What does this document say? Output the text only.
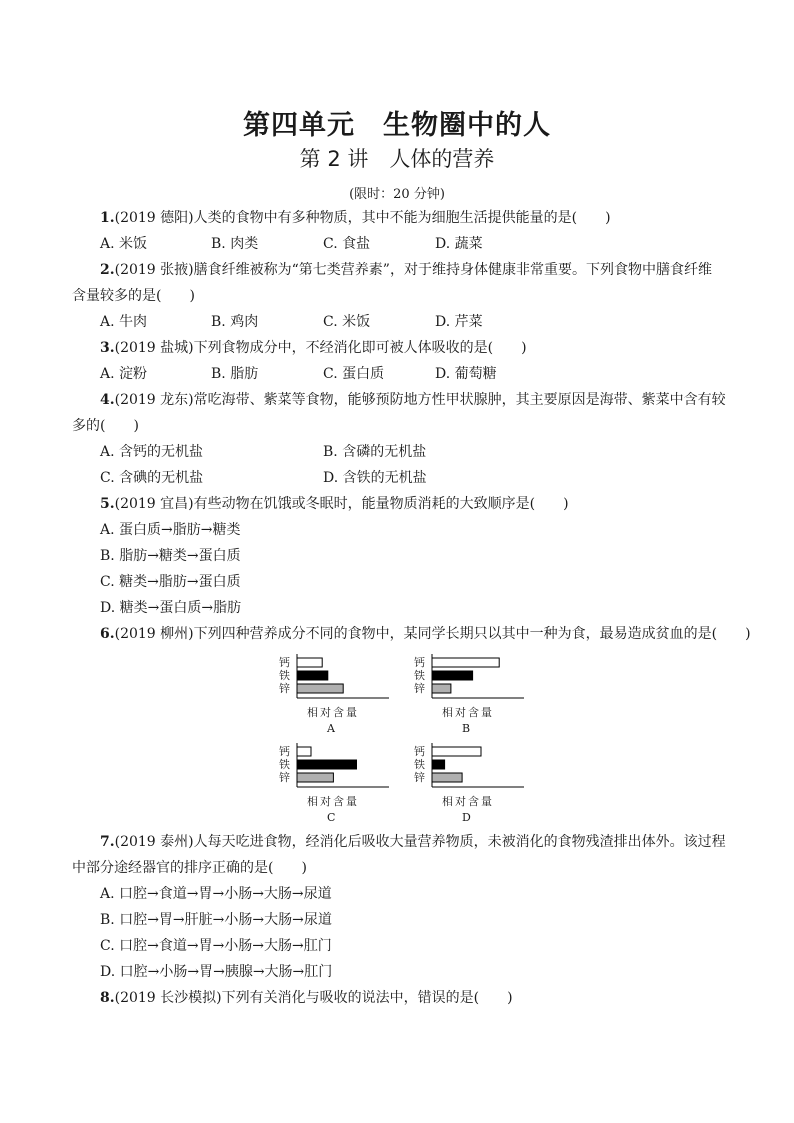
第四单元　生物圈中的人
第 2 讲　人体的营养
(限时：20 分钟)
1.(2019 德阳)人类的食物中有多种物质，其中不能为细胞生活提供能量的是(　　)
A. 米饭	B. 肉类	C. 食盐	D. 蔬菜
2.(2019 张掖)膳食纤维被称为“第七类营养素”，对于维持身体健康非常重要。下列食物中膳食纤维
含量较多的是(　　)
A. 牛肉	B. 鸡肉	C. 米饭	D. 芹菜
3.(2019 盐城)下列食物成分中，不经消化即可被人体吸收的是(　　)
A. 淀粉	B. 脂肪	C. 蛋白质	D. 葡萄糖
4.(2019 龙东)常吃海带、紫菜等食物，能够预防地方性甲状腺肿，其主要原因是海带、紫菜中含有较
多的(　　)
A. 含钙的无机盐	B. 含磷的无机盐
C. 含碘的无机盐	D. 含铁的无机盐
5.(2019 宜昌)有些动物在饥饿或冬眠时，能量物质消耗的大致顺序是(　　)
A. 蛋白质→脂肪→糖类
B. 脂肪→糖类→蛋白质
C. 糖类→脂肪→蛋白质
D. 糖类→蛋白质→脂肪
6.(2019 柳州)下列四种营养成分不同的食物中，某同学长期只以其中一种为食，最易造成贫血的是(　　)
钙
铁
锌
相对含量
A
钙
铁
锌
相对含量
B
钙
铁
锌
相对含量
C
钙
铁
锌
相对含量
D
7.(2019 泰州)人每天吃进食物，经消化后吸收大量营养物质，未被消化的食物残渣排出体外。该过程
中部分途经器官的排序正确的是(　　)
A. 口腔→食道→胃→小肠→大肠→尿道
B. 口腔→胃→肝脏→小肠→大肠→尿道
C. 口腔→食道→胃→小肠→大肠→肛门
D. 口腔→小肠→胃→胰腺→大肠→肛门
8.(2019 长沙模拟)下列有关消化与吸收的说法中，错误的是(　　)
